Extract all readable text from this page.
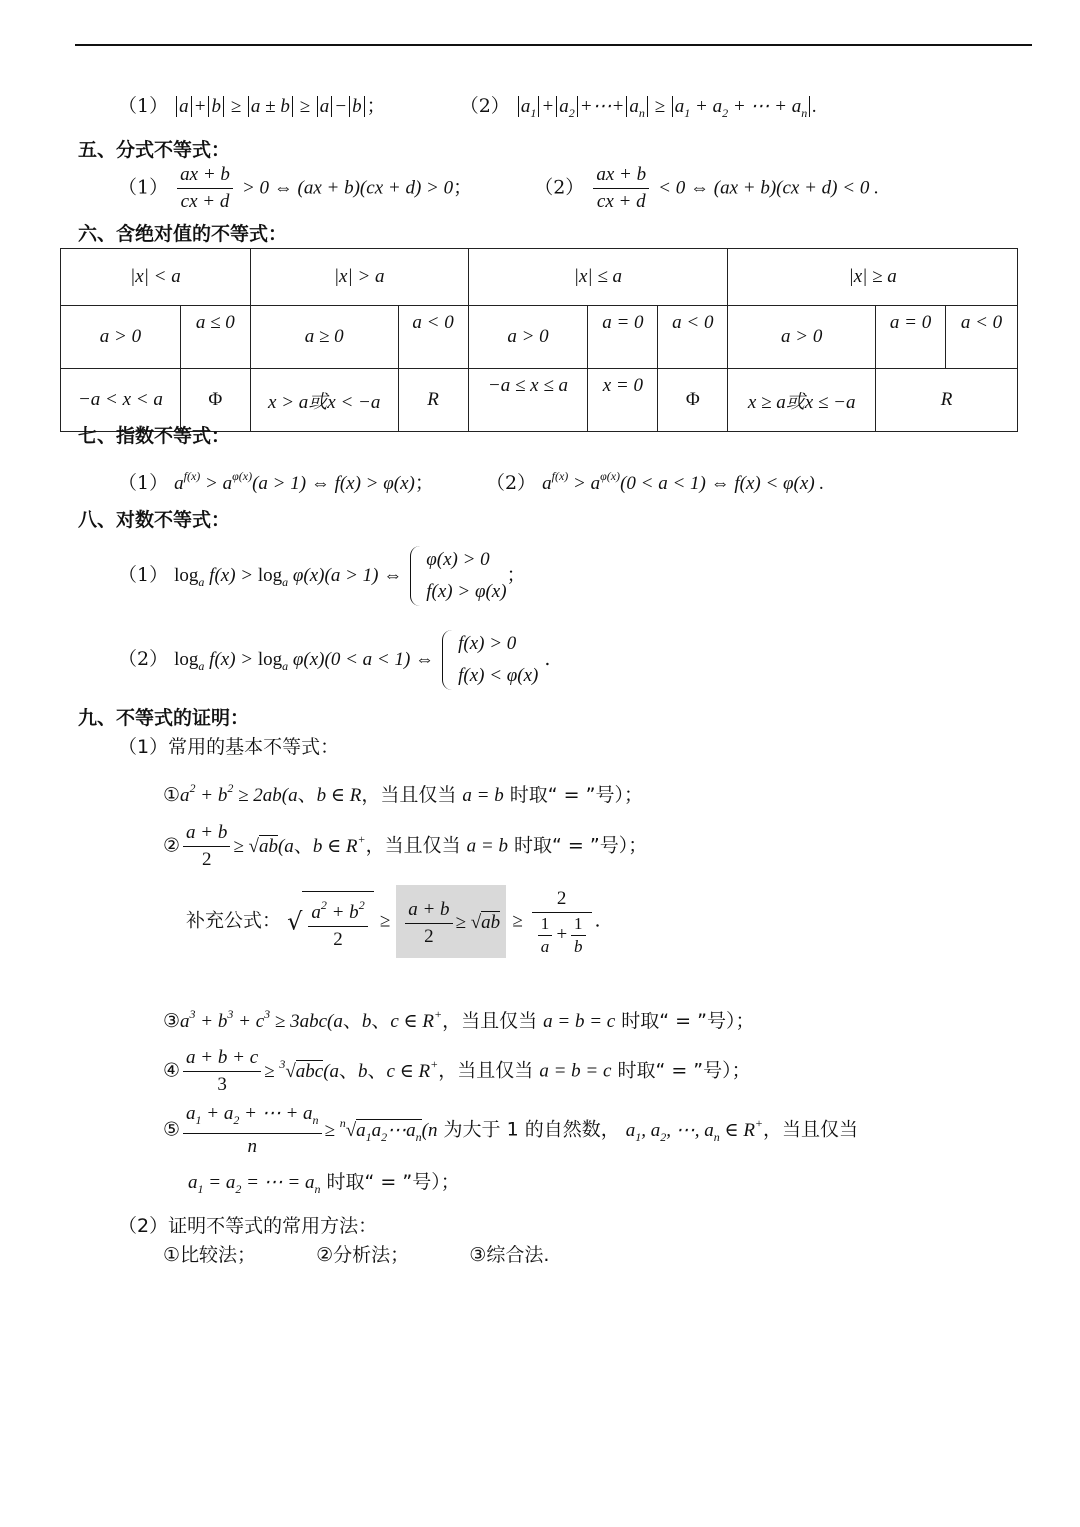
（1） a + b ≥ a ± b ≥ a − b ；	（2） $a_1 + a_2$ +⋯+ $a_n \ge a_1 + a_2$ + ⋯ + $a_n$ .
五、分式不等式：
$(1) \frac{ax + b}{cx + d} > 0$ ⇔ (ax + b)(cx + d) > 0；	$(2) \frac{ax + b}{cx + d} < 0$ ⇔ (ax + b)(cx + d) < 0 .
六、含绝对值的不等式：
|x| < a		|x| > a		|x| ≤ a			|x| ≥ a		
a > 0	a ≤ 0	a ≥ 0	a < 0	a > 0	a = 0	a < 0	a > 0	a = 0	a < 0
−a < x < a	Φ	x > a或x < −a	R	−a ≤ x ≤ a	x = 0	Φ	x ≥ a或x ≤ −a	R	
七、指数不等式：
（1） $a^{f(x)} > a^{\varphi(x)}(a > 1)$ ⇔ f(x) > φ(x)；	（2） $a^{f(x)} > a^{\varphi(x)}(0 < a < 1)$ ⇔ f(x) < φ(x) .
八、对数不等式：
（1） $\log_a f(x) > \log_a \varphi(x)(a > 1)$ ⇔
φ(x) > 0
f(x) > φ(x)
；
（2） $\log_a f(x) > \log_a \varphi(x)(0 < a < 1)$ ⇔
f(x) > 0
f(x) < φ(x)
.
九、不等式的证明：
（1）常用的基本不等式：
$①a^2 + b^2 \ge 2ab(a$、b ∈ R，当且仅当 a = b 时取“ = ”号）；
② $\frac{a + b}{2} \ge √ab(a$、b ∈ R+，当且仅当 a = b 时取“ = ”号）；
补充公式： √ $\frac{a^2 + b^2}{2} \ge \frac{a + b}{2} \ge √ab \ge \frac{2}{\frac{1}{a} + \frac{1}{b}}$ .
$③a^3 + b^3 + c^3 \ge 3abc(a$、b、c ∈ R+，当且仅当 a = b = c 时取“ = ”号）；
④ $\frac{a + b + c}{3} \ge ^3√abc(a$、b、c ∈ R+，当且仅当 a = b = c 时取“ = ”号）；
⑤ $\frac{a_1 + a_2 + \cdots + a_n}{n}$ ≥ $^n√a_1a_2\cdots a_n(n$ 为大于 1 的自然数， $a_1$, $a_2$, ⋯, $a_n$ ∈ R+，当且仅当
$a_1 = a_2$ = ⋯ = $a_n$ 时取“ = ”号）；
（2）证明不等式的常用方法：
①比较法；	②分析法；	③综合法.
